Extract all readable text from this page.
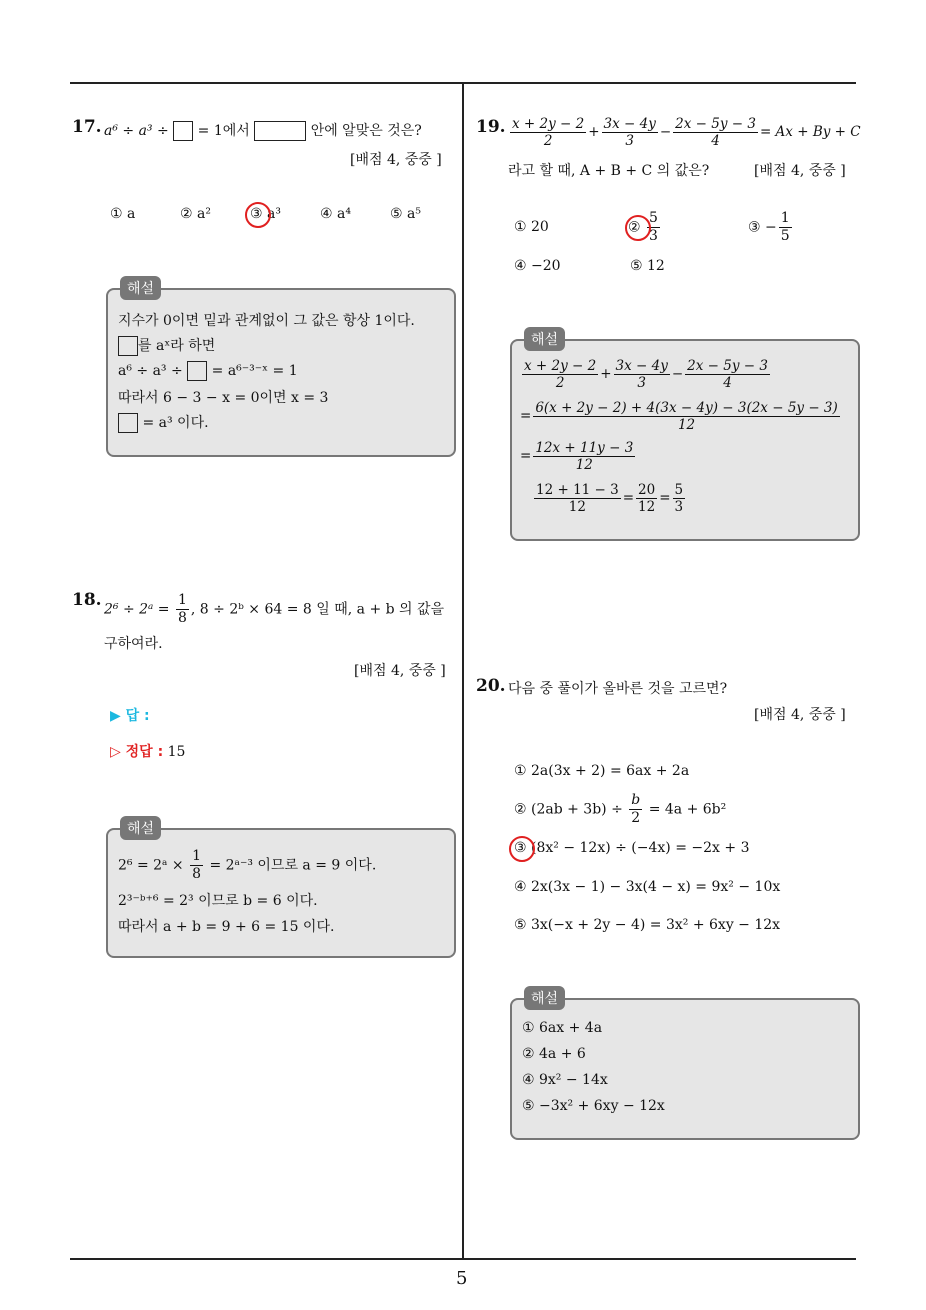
5
17. a⁶ ÷ a³ ÷ = 1에서	안에 알맞은 것은?
[배점 4, 중중 ]
① a	② a²	③ a³	④ a⁴	⑤ a⁵
해설
지수가 0이면 밑과 관계없이 그 값은 항상 1이다.
를 aˣ라 하면
a⁶ ÷ a³ ÷ = a⁶⁻³⁻ˣ = 1
따라서 6 − 3 − x = 0이면 x = 3
= a³ 이다.
18. 2⁶ ÷ 2ᵃ = $\frac{1}{8}$ , 8 ÷ 2ᵇ × 64 = 8 일 때, a + b 의 값을
구하여라.
[배점 4, 중중 ]
▶ 답 :
▷ 정답 : 15
해설
2⁶ = 2ᵃ × $\frac{1}{8}$ = 2ᵃ⁻³ 이므로 a = 9 이다.
2³⁻ᵇ⁺⁶ = 2³ 이므로 b = 6 이다.
따라서 a + b = 9 + 6 = 15 이다.
19. $\frac{x + 2y - 2}{2} + \frac{3x - 4y}{3} - \frac{2x - 5y - 3}{4} = Ax + By + C$
라고 할 때, A + B + C 의 값은?	[배점 4, 중중 ]
① 20	② $\frac{5}{3}$	③ − $\frac{1}{5}$
④ −20	⑤ 12
해설
$\frac{x + 2y - 2}{2} + \frac{3x - 4y}{3} - \frac{2x - 5y - 3}{4}$
= $\frac{6(x + 2y - 2) + 4(3x - 4y) - 3(2x - 5y - 3)}{12}$
= $\frac{12x + 11y - 3}{12}$
$\frac{12 + 11 - 3}{12} = \frac{20}{12} = \frac{5}{3}$
20. 다음 중 풀이가 올바른 것을 고르면?
[배점 4, 중중 ]
① 2a(3x + 2) = 6ax + 2a
② $(2ab + 3b) \div \frac{b}{2} = 4a + 6b^2$
③ (8x² − 12x) ÷ (−4x) = −2x + 3
④ 2x(3x − 1) − 3x(4 − x) = 9x² − 10x
⑤ 3x(−x + 2y − 4) = 3x² + 6xy − 12x
해설
① 6ax + 4a
② 4a + 6
④ 9x² − 14x
⑤ −3x² + 6xy − 12x
